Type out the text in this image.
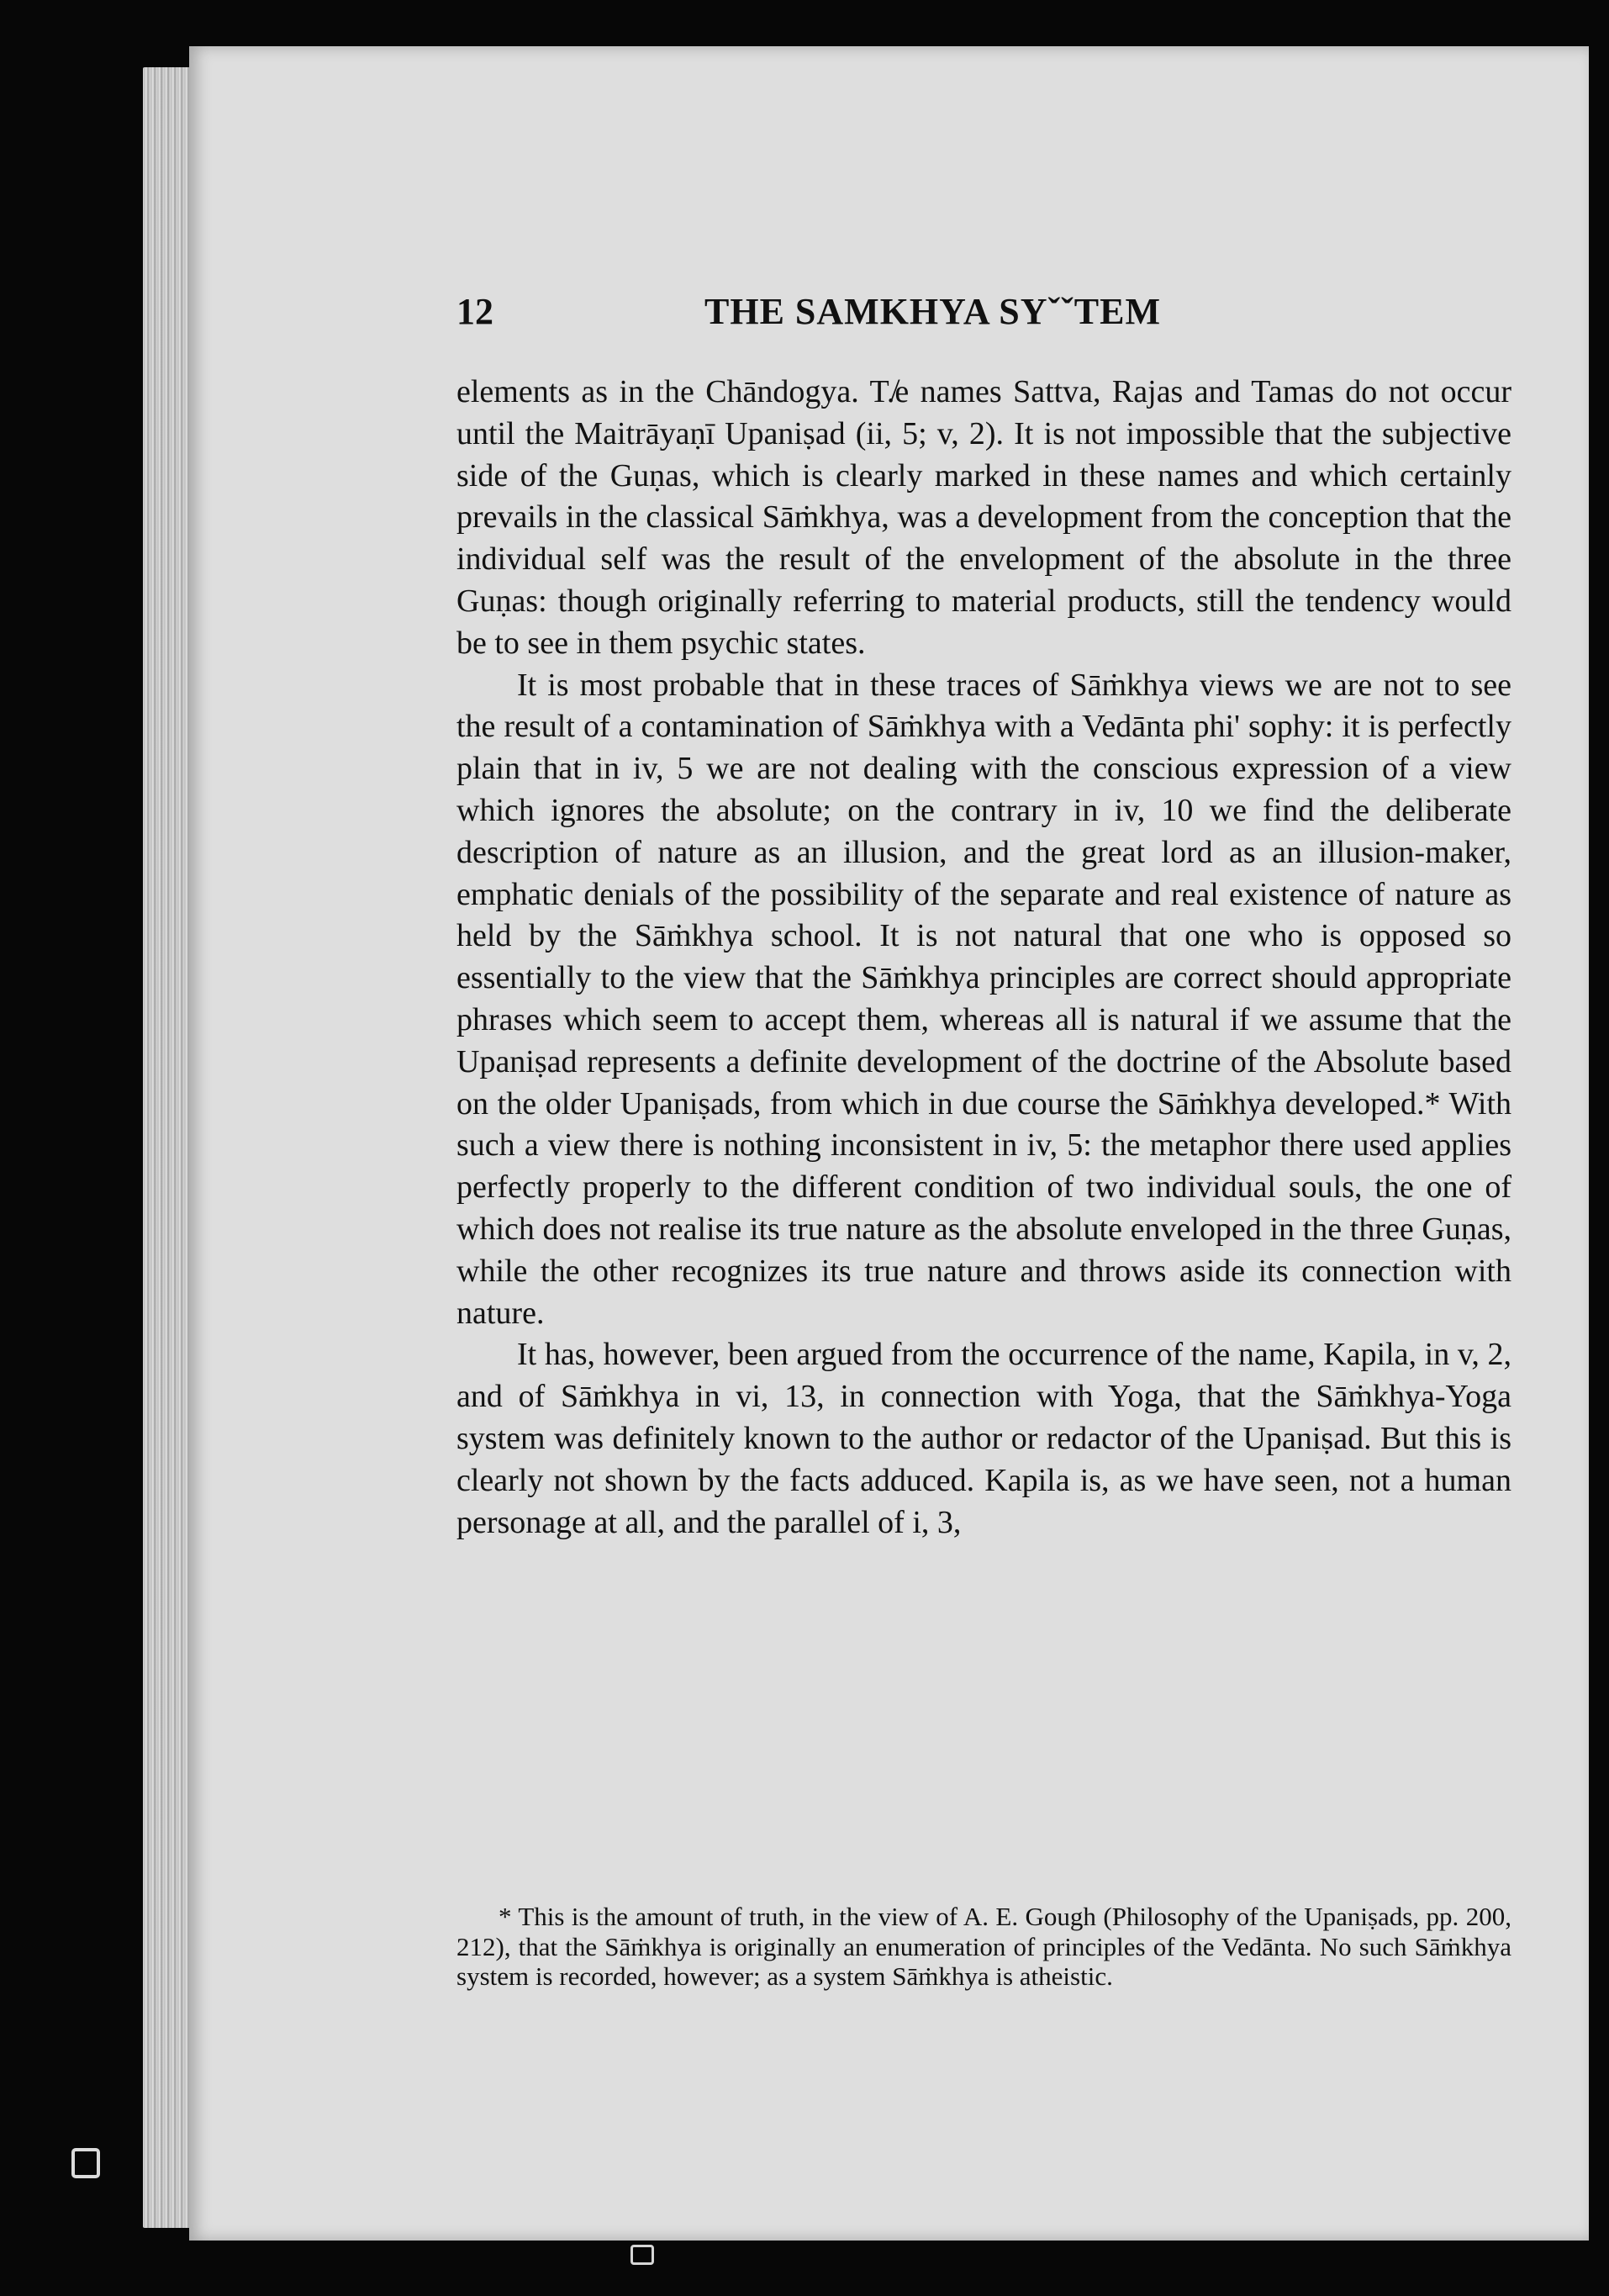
12	THE SAMKHYA SYˇˇTEM

elements as in the Chāndogya. T.̸e names Sattva, Rajas and Tamas do not occur until the Maitrāyaṇī Upaniṣad (ii, 5; v, 2). It is not impossible that the subjective side of the Guṇas, which is clearly marked in these names and which certainly prevails in the classical Sāṁkhya, was a development from the conception that the individual self was the result of the envelopment of the absolute in the three Guṇas: though originally referring to material products, still the tendency would be to see in them psychic states.

It is most probable that in these traces of Sāṁkhya views we are not to see the result of a contamination of Sāṁkhya with a Vedānta phi' sophy: it is perfectly plain that in iv, 5 we are not dealing with the conscious expression of a view which ignores the absolute; on the contrary in iv, 10 we find the deliberate description of nature as an illusion, and the great lord as an illusion-maker, emphatic denials of the possibility of the separate and real existence of nature as held by the Sāṁkhya school. It is not natural that one who is opposed so essentially to the view that the Sāṁkhya principles are correct should appropriate phrases which seem to accept them, whereas all is natural if we assume that the Upaniṣad represents a definite development of the doctrine of the Absolute based on the older Upaniṣads, from which in due course the Sāṁkhya developed.* With such a view there is nothing inconsistent in iv, 5: the metaphor there used applies perfectly properly to the different condition of two individual souls, the one of which does not realise its true nature as the absolute enveloped in the three Guṇas, while the other recognizes its true nature and throws aside its connection with nature.

It has, however, been argued from the occurrence of the name, Kapila, in v, 2, and of Sāṁkhya in vi, 13, in connection with Yoga, that the Sāṁkhya-Yoga system was definitely known to the author or redactor of the Upaniṣad. But this is clearly not shown by the facts adduced. Kapila is, as we have seen, not a human personage at all, and the parallel of i, 3,

* This is the amount of truth, in the view of A. E. Gough (Philosophy of the Upaniṣads, pp. 200, 212), that the Sāṁkhya is originally an enumeration of principles of the Vedānta. No such Sāṁkhya system is recorded, however; as a system Sāṁkhya is atheistic.
